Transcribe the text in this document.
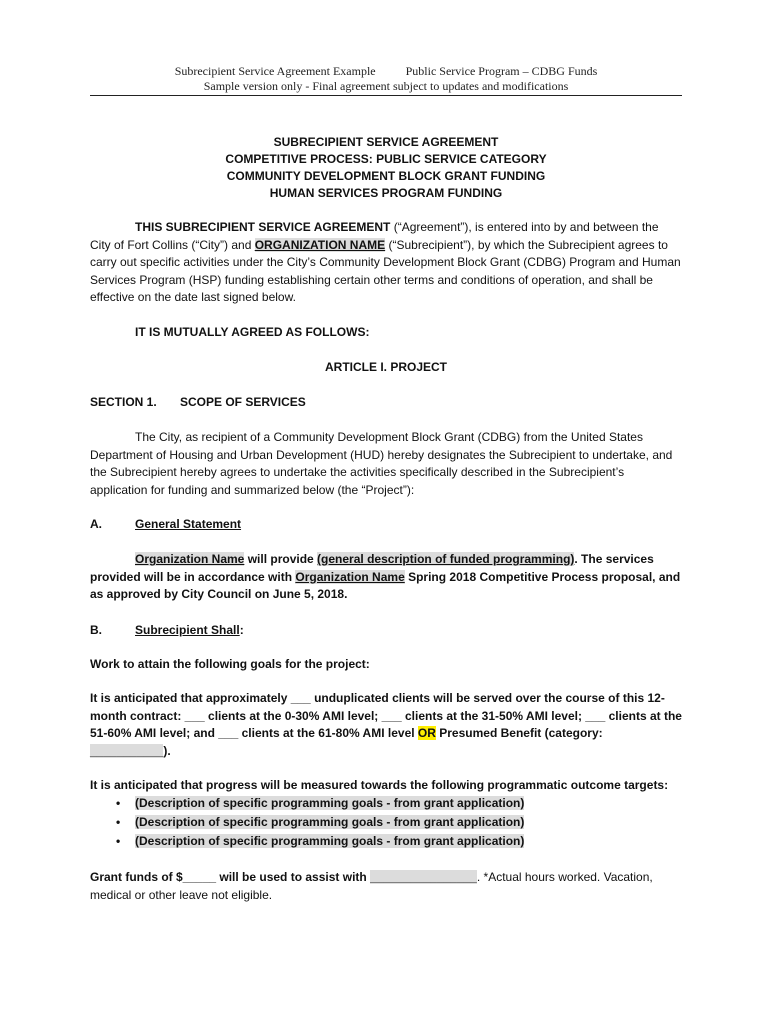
Subrecipient Service Agreement Example	Public Service Program – CDBG Funds
Sample version only - Final agreement subject to updates and modifications
SUBRECIPIENT SERVICE AGREEMENT
COMPETITIVE PROCESS: PUBLIC SERVICE CATEGORY
COMMUNITY DEVELOPMENT BLOCK GRANT FUNDING
HUMAN SERVICES PROGRAM FUNDING
THIS SUBRECIPIENT SERVICE AGREEMENT (“Agreement”), is entered into by and between the City of Fort Collins (“City”) and ORGANIZATION NAME (“Subrecipient”), by which the Subrecipient agrees to carry out specific activities under the City’s Community Development Block Grant (CDBG) Program and Human Services Program (HSP) funding establishing certain other terms and conditions of operation, and shall be effective on the date last signed below.
IT IS MUTUALLY AGREED AS FOLLOWS:
ARTICLE I. PROJECT
SECTION 1. SCOPE OF SERVICES
The City, as recipient of a Community Development Block Grant (CDBG) from the United States Department of Housing and Urban Development (HUD) hereby designates the Subrecipient to undertake, and the Subrecipient hereby agrees to undertake the activities specifically described in the Subrecipient’s application for funding and summarized below (the “Project”):
A.	General Statement
Organization Name will provide (general description of funded programming). The services provided will be in accordance with Organization Name Spring 2018 Competitive Process proposal, and as approved by City Council on June 5, 2018.
B.	Subrecipient Shall:
Work to attain the following goals for the project:
It is anticipated that approximately ___ unduplicated clients will be served over the course of this 12-month contract: ___ clients at the 0-30% AMI level; ___ clients at the 31-50% AMI level; ___ clients at the 51-60% AMI level; and ___ clients at the 61-80% AMI level OR Presumed Benefit (category: ___________).
It is anticipated that progress will be measured towards the following programmatic outcome targets:
• (Description of specific programming goals - from grant application)
• (Description of specific programming goals - from grant application)
• (Description of specific programming goals - from grant application)
Grant funds of $_____ will be used to assist with ________________. *Actual hours worked. Vacation, medical or other leave not eligible.
